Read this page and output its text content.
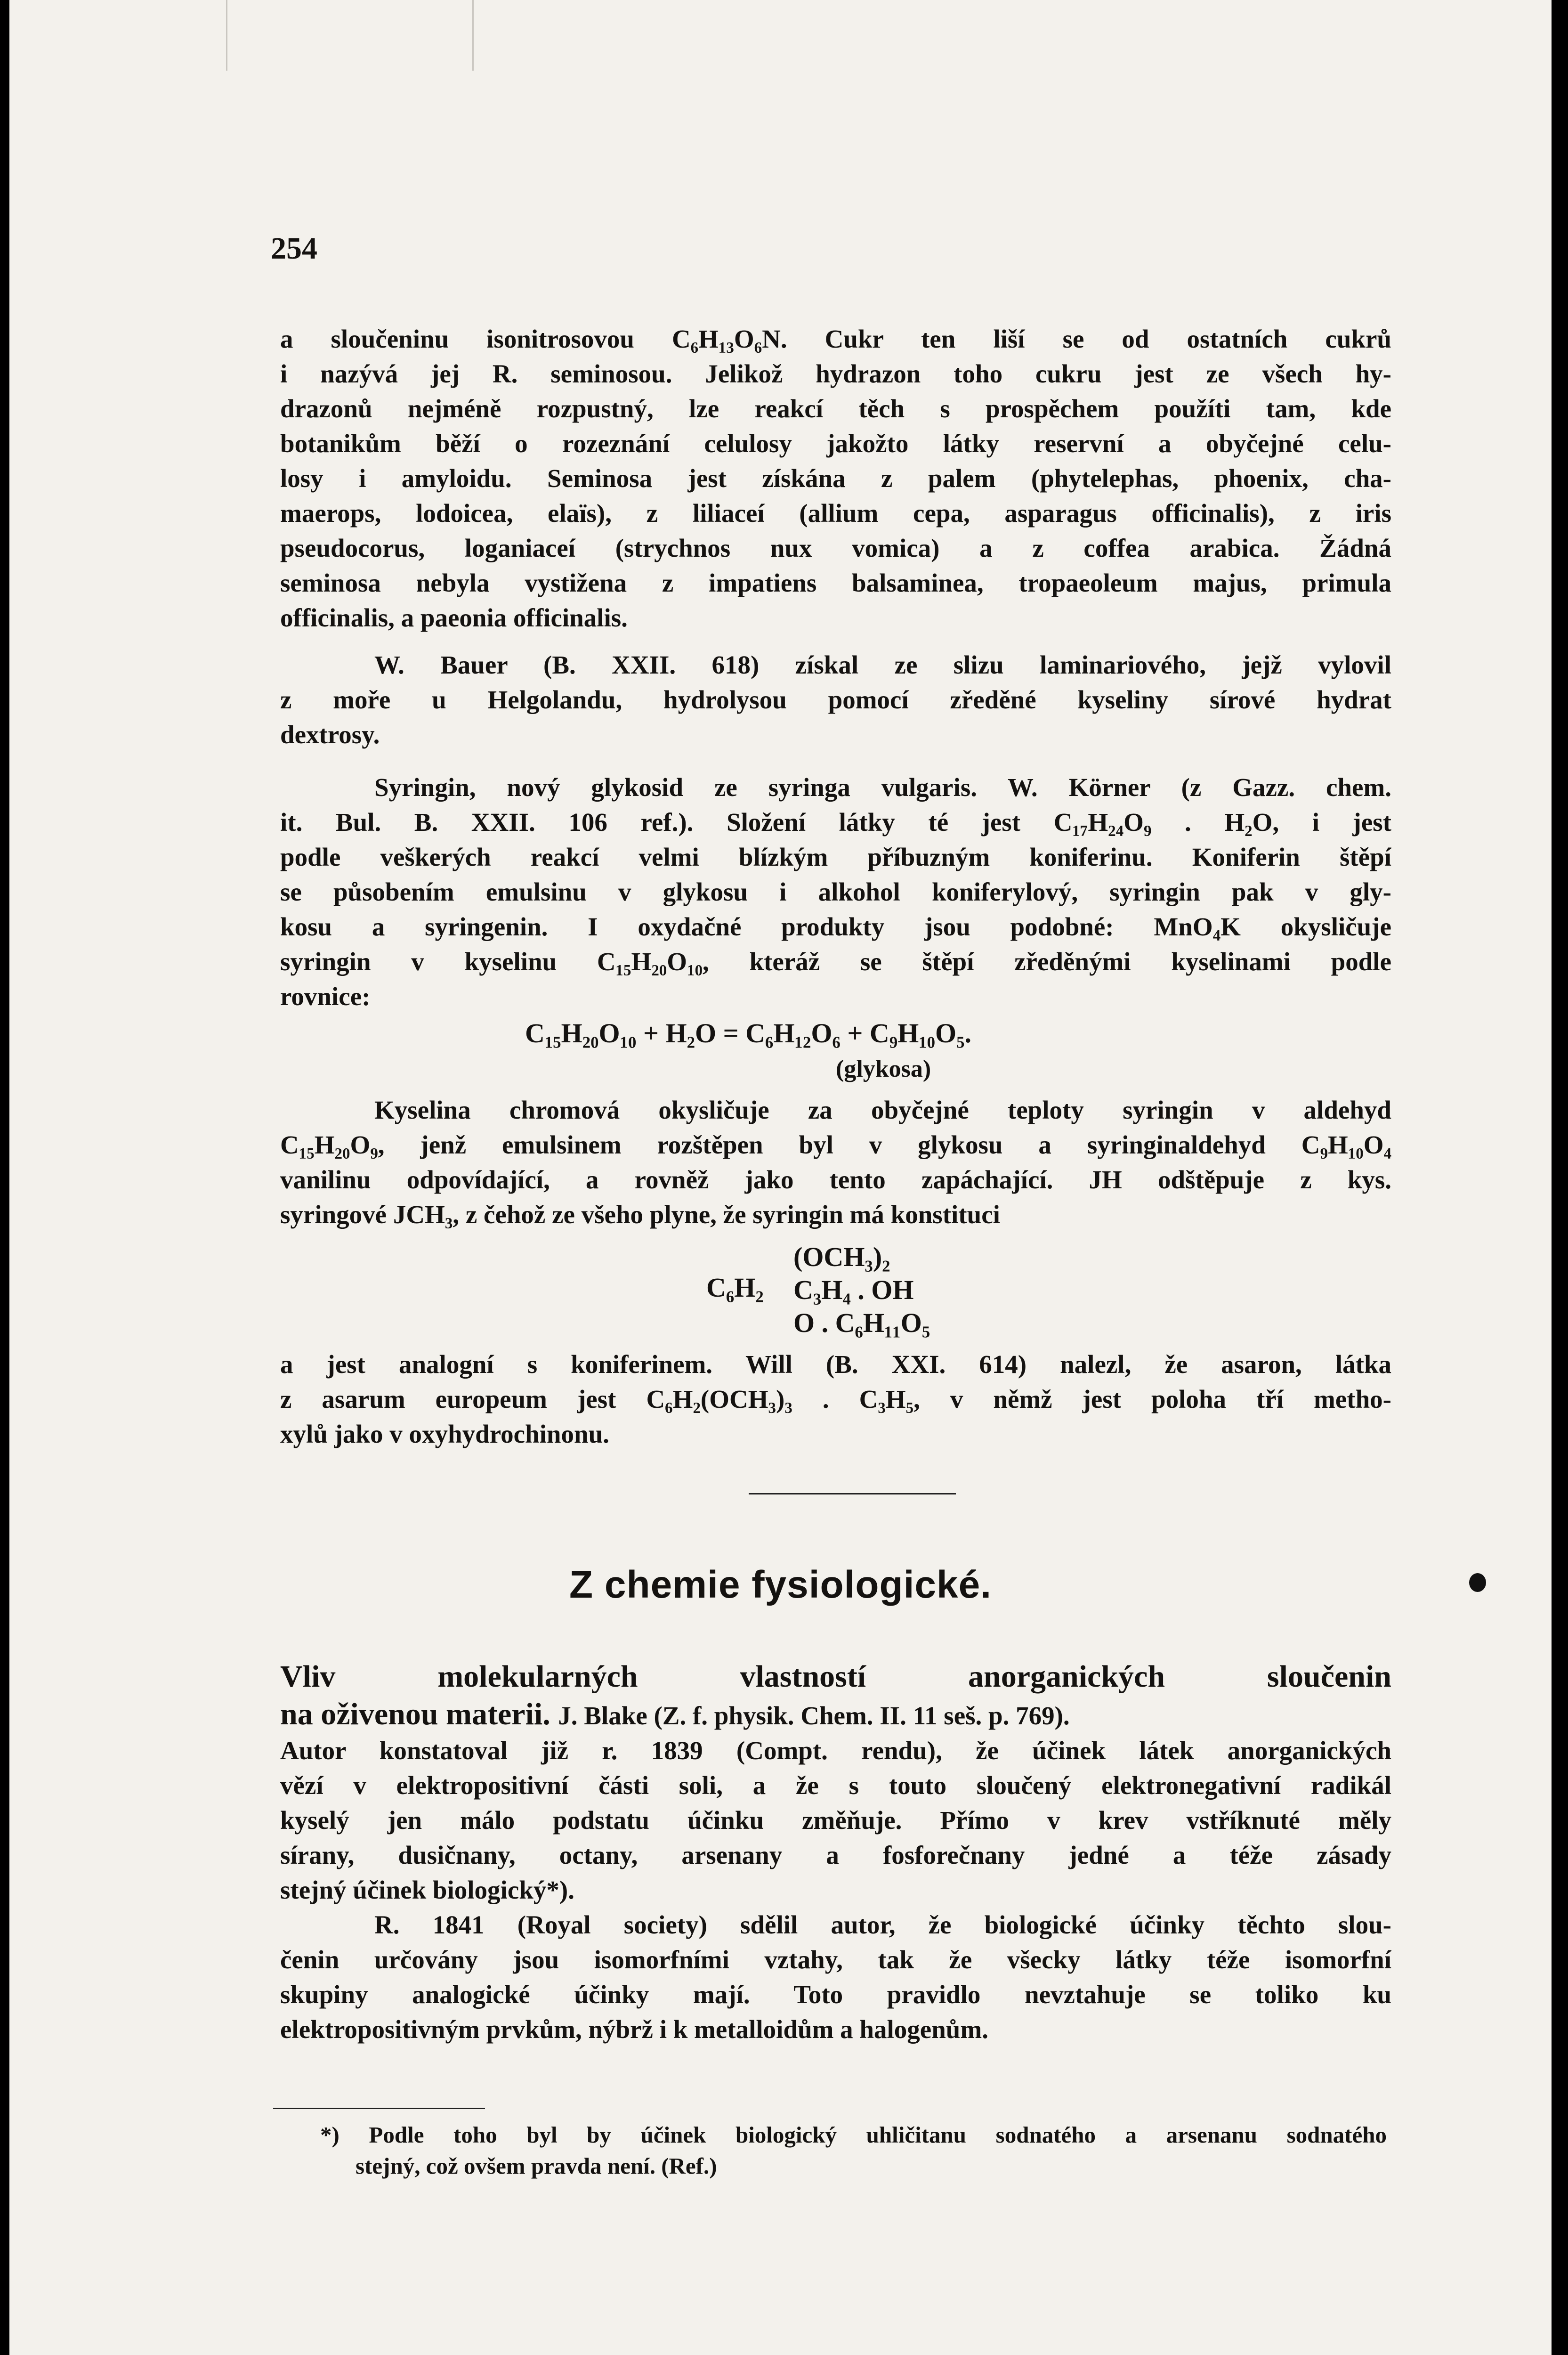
254
a sloučeninu isonitrosovou C₆H₁₃O₆N. Cukr ten liší se od ostatních cukrů
i nazývá jej R. seminosou. Jelikož hydrazon toho cukru jest ze všech hy-
drazonů nejméně rozpustný, lze reakcí těch s prospěchem použíti tam, kde
botanikům běží o rozeznání celulosy jakožto látky reservní a obyčejné celu-
losy i amyloidu. Seminosa jest získána z palem (phytelephas, phoenix, cha-
maerops, lodoicea, elaïs), z liliaceí (allium cepa, asparagus officinalis), z iris
pseudocorus, loganiaceí (strychnos nux vomica) a z coffea arabica. Žádná
seminosa nebyla vystižena z impatiens balsaminea, tropaeoleum majus, primula
officinalis, a paeonia officinalis.
W. Bauer (B. XXII. 618) získal ze slizu laminariového, jejž vylovil
z moře u Helgolandu, hydrolysou pomocí zředěné kyseliny sírové hydrat
dextrosy.
Syringin, nový glykosid ze syringa vulgaris. W. Körner (z Gazz. chem.
it. Bul. B. XXII. 106 ref.). Složení látky té jest C₁₇H₂₄O₉ . H₂O, i jest
podle veškerých reakcí velmi blízkým příbuzným koniferinu. Koniferin štěpí
se působením emulsinu v glykosu i alkohol koniferylový, syringin pak v gly-
kosu a syringenin. I oxydačné produkty jsou podobné: MnO₄K okysličuje
syringin v kyselinu C₁₅H₂₀O₁₀, kteráž se štěpí zředěnými kyselinami podle
rovnice:
C₁₅H₂₀O₁₀ + H₂O = C₆H₁₂O₆ + C₉H₁₀O₅.
(glykosa)
Kyselina chromová okysličuje za obyčejné teploty syringin v aldehyd
C₁₅H₂₀O₉, jenž emulsinem rozštěpen byl v glykosu a syringinaldehyd C₉H₁₀O₄
vanilinu odpovídající, a rovněž jako tento zapáchající. JH odštěpuje z kys.
syringové JCH₃, z čehož ze všeho plyne, že syringin má konstituci
C₆H₂
(OCH₃)₂
C₃H₄ . OH
O . C₆H₁₁O₅
a jest analogní s koniferinem. Will (B. XXI. 614) nalezl, že asaron, látka
z asarum europeum jest C₆H₂(OCH₃)₃ . C₃H₅, v němž jest poloha tří metho-
xylů jako v oxyhydrochinonu.
Z chemie fysiologické.
Vliv molekularných vlastností anorganických sloučenin
na oživenou materii. J. Blake (Z. f. physik. Chem. II. 11 seš. p. 769).
Autor konstatoval již r. 1839 (Compt. rendu), že účinek látek anorganických
vězí v elektropositivní části soli, a že s touto sloučený elektronegativní radikál
kyselý jen málo podstatu účinku změňuje. Přímo v krev vstříknuté měly
sírany, dusičnany, octany, arsenany a fosforečnany jedné a téže zásady
stejný účinek biologický*).
R. 1841 (Royal society) sdělil autor, že biologické účinky těchto slou-
čenin určovány jsou isomorfními vztahy, tak že všecky látky téže isomorfní
skupiny analogické účinky mají. Toto pravidlo nevztahuje se toliko ku
elektropositivným prvkům, nýbrž i k metalloidům a halogenům.
*) Podle toho byl by účinek biologický uhličitanu sodnatého a arsenanu sodnatého
stejný, což ovšem pravda není. (Ref.)
